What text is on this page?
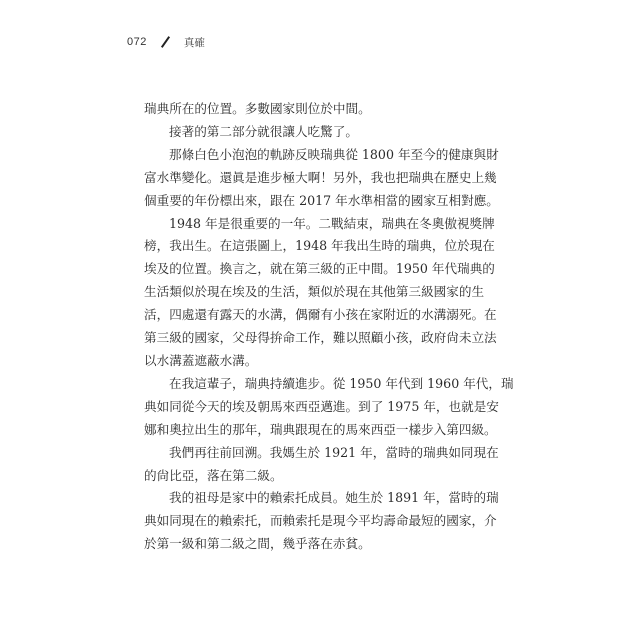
072	真確

瑞典所在的位置。多數國家則位於中間。

接著的第二部分就很讓人吃驚了。

那條白色小泡泡的軌跡反映瑞典從 1800 年至今的健康與財
富水準變化。還眞是進步極大啊！另外，我也把瑞典在歷史上幾
個重要的年份標出來，跟在 2017 年水準相當的國家互相對應。

1948 年是很重要的一年。二戰結束，瑞典在冬奧傲視獎牌
榜，我出生。在這張圖上，1948 年我出生時的瑞典，位於現在
埃及的位置。換言之，就在第三級的正中間。1950 年代瑞典的
生活類似於現在埃及的生活，類似於現在其他第三級國家的生
活，四處還有露天的水溝，偶爾有小孩在家附近的水溝溺死。在
第三級的國家，父母得拚命工作，難以照顧小孩，政府尙未立法
以水溝蓋遮蔽水溝。

在我這輩子，瑞典持續進步。從 1950 年代到 1960 年代，瑞
典如同從今天的埃及朝馬來西亞邁進。到了 1975 年，也就是安
娜和奧拉出生的那年，瑞典跟現在的馬來西亞一樣步入第四級。

我們再往前回溯。我媽生於 1921 年，當時的瑞典如同現在
的尙比亞，落在第二級。

我的祖母是家中的賴索托成員。她生於 1891 年，當時的瑞
典如同現在的賴索托，而賴索托是現今平均壽命最短的國家，介
於第一級和第二級之間，幾乎落在赤貧。
